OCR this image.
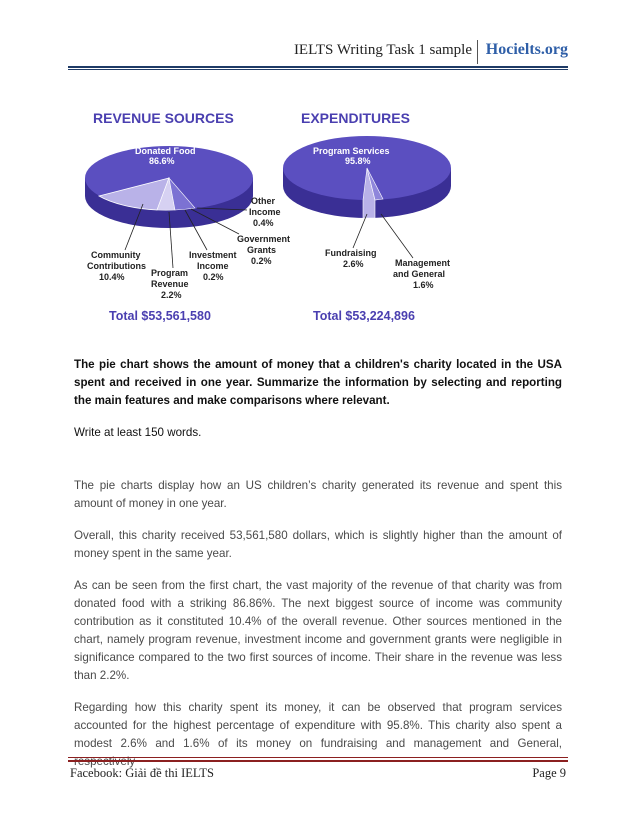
IELTS Writing Task 1 sample Hocielts.org
REVENUE SOURCES	EXPENDITURES
Donated Food
86.6%
Other
Income
0.4%
Government
Grants
0.2%
Community
Contributions
10.4%
Investment
Income
0.2%
Program
Revenue
2.2%
Program Services
95.8%
Fundraising
2.6%	Management
and General
1.6%
Total $53,561,580	Total $53,224,896

The pie chart shows the amount of money that a children's charity located in the USA spent and received in one year. Summarize the information by selecting and reporting the main features and make comparisons where relevant.

Write at least 150 words.

The pie charts display how an US children’s charity generated its revenue and spent this amount of money in one year.

Overall, this charity received 53,561,580 dollars, which is slightly higher than the amount of money spent in the same year.

As can be seen from the first chart, the vast majority of the revenue of that charity was from donated food with a striking 86.86%. The next biggest source of income was community contribution as it constituted 10.4% of the overall revenue. Other sources mentioned in the chart, namely program revenue, investment income and government grants were negligible in significance compared to the two first sources of income. Their share in the revenue was less than 2.2%.

Regarding how this charity spent its money, it can be observed that program services accounted for the highest percentage of expenditure with 95.8%. This charity also spent a modest 2.6% and 1.6% of its money on fundraising and management and General,

Facebook: Giải đề thi IELTS	Page 9
